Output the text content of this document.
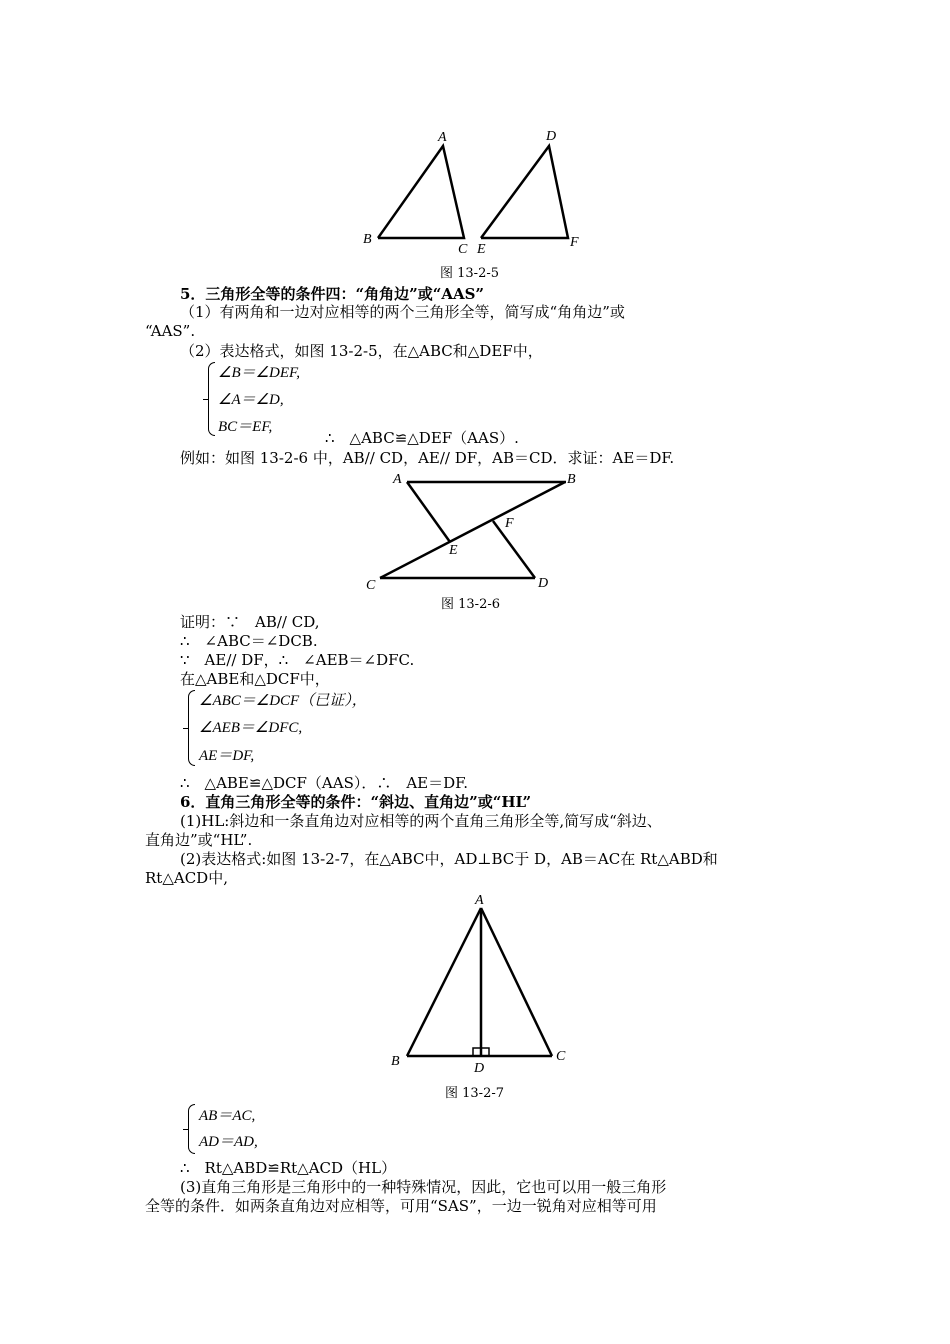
A
B
C
D
E	F
图 13-2-5
5．三角形全等的条件四：“角角边”或“AAS”
（1）有两角和一边对应相等的两个三角形全等，简写成“角角边”或
“AAS”.
（2）表达格式，如图 13-2-5，在△ABC和△DEF中，
∠B＝∠DEF,
∠A＝∠D,
BC＝EF,
∴　△ABC≌△DEF（AAS）.
例如：如图 13-2-6 中，AB// CD，AE// DF，AB＝CD．求证：AE＝DF.
A	B
C	D
E
F
图 13-2-6
证明：∵　AB// CD,
∴　∠ABC＝∠DCB.
∵　AE// DF，∴　∠AEB＝∠DFC.
在△ABE和△DCF中，
∠ABC＝∠DCF（已证），
∠AEB＝∠DFC,
AE＝DF,
∴　△ABE≌△DCF（AAS）．∴　AE＝DF.
6．直角三角形全等的条件：“斜边、直角边”或“HL”
(1)HL:斜边和一条直角边对应相等的两个直角三角形全等,简写成“斜边、
直角边”或“HL”.
(2)表达格式:如图 13-2-7，在△ABC中，AD⊥BC于 D，AB＝AC在 Rt△ABD和
Rt△ACD中,
A
B	C
D
图 13-2-7
AB＝AC,
AD＝AD,
∴　Rt△ABD≌Rt△ACD（HL）
(3)直角三角形是三角形中的一种特殊情况，因此，它也可以用一般三角形
全等的条件．如两条直角边对应相等，可用“SAS”，一边一锐角对应相等可用
